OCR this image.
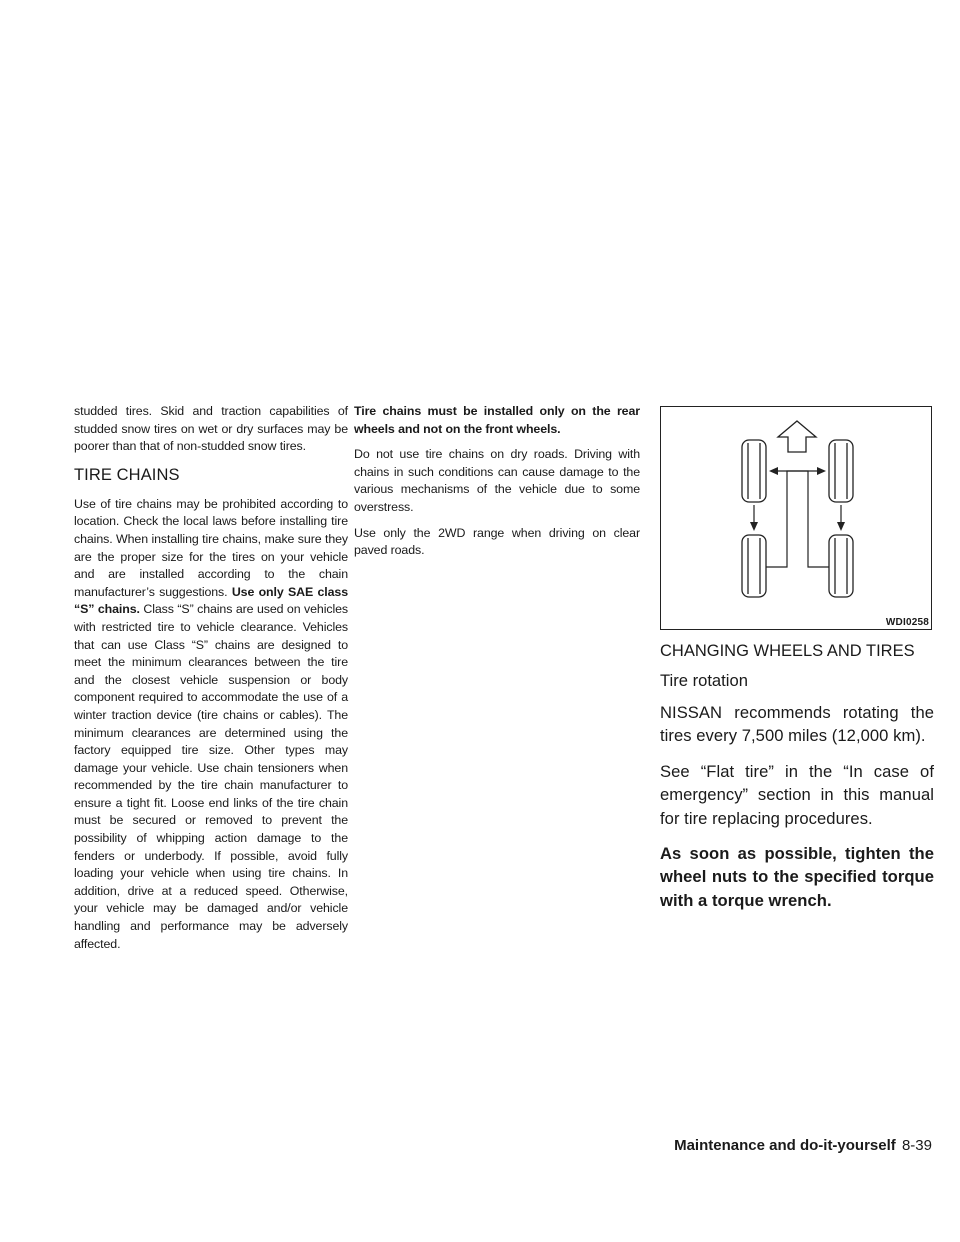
studded tires. Skid and traction capabilities of studded snow tires on wet or dry surfaces may be poorer than that of non-studded snow tires.

TIRE CHAINS

Use of tire chains may be prohibited according to location. Check the local laws before installing tire chains. When installing tire chains, make sure they are the proper size for the tires on your vehicle and are installed according to the chain manufacturer’s suggestions. Use only SAE class “S” chains. Class “S” chains are used on vehicles with restricted tire to vehicle clearance. Vehicles that can use Class “S” chains are designed to meet the minimum clearances between the tire and the closest vehicle suspension or body component required to accommodate the use of a winter traction device (tire chains or cables). The minimum clearances are determined using the factory equipped tire size. Other types may damage your vehicle. Use chain tensioners when recommended by the tire chain manufacturer to ensure a tight fit. Loose end links of the tire chain must be secured or removed to prevent the possibility of whipping action damage to the fenders or underbody. If possible, avoid fully loading your vehicle when using tire chains. In addition, drive at a reduced speed. Otherwise, your vehicle may be damaged and/or vehicle handling and performance may be adversely affected.

Tire chains must be installed only on the rear wheels and not on the front wheels.

Do not use tire chains on dry roads. Driving with chains in such conditions can cause damage to the various mechanisms of the vehicle due to some overstress.

Use only the 2WD range when driving on clear paved roads.

WDI0258
CHANGING WHEELS AND TIRES
Tire rotation

NISSAN recommends rotating the tires every 7,500 miles (12,000 km).

See “Flat tire” in the “In case of emergency” section in this manual for tire replacing procedures.

As soon as possible, tighten the wheel nuts to the specified torque with a torque wrench.

Maintenance and do-it-yourself 8-39
